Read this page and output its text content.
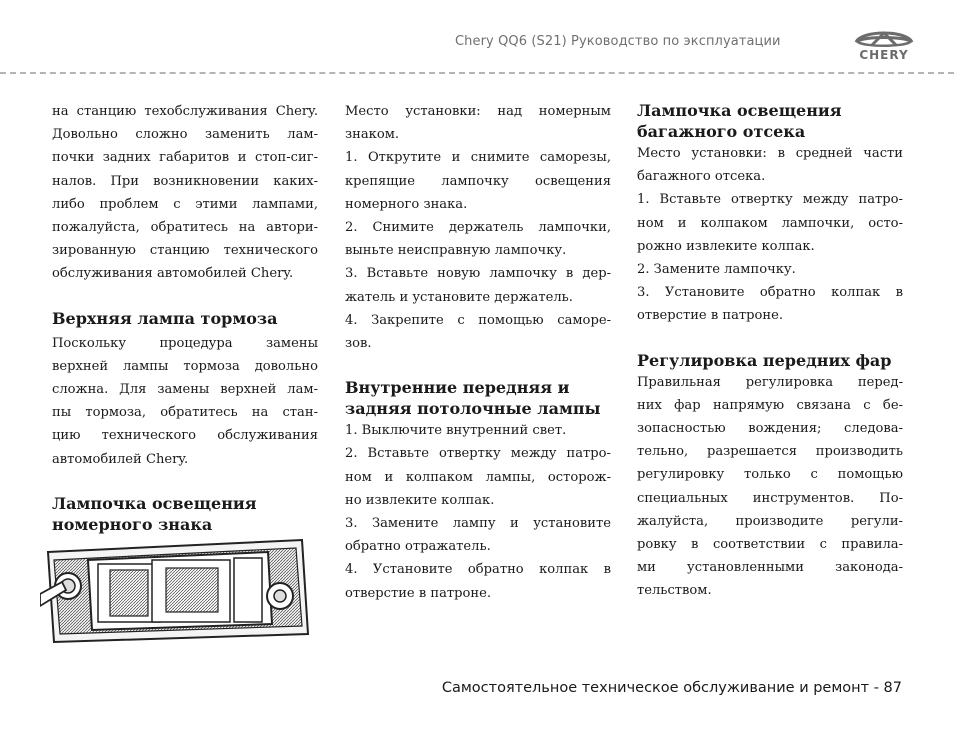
Chery QQ6 (S21) Руководство по эксплуатации
CHERY

на станцию техобслуживания Chery.

Довольно сложно заменить лам-

почки задних габаритов и стоп-сиг-

налов. При возникновении каких-

либо проблем с этими лампами,

пожалуйста, обратитесь на автори-

зированную станцию технического

обслуживания автомобилей Chery.

Верхняя лампа тормоза

Поскольку процедура замены

верхней лампы тормоза довольно

сложна. Для замены верхней лам-

пы тормоза, обратитесь на стан-

цию технического обслуживания

автомобилей Chery.

Лампочка освещения

номерного знака

Место установки: над номерным

знаком.

1. Открутите и снимите саморезы,

крепящие лампочку освещения

номерного знака.

2. Снимите держатель лампочки,

выньте неисправную лампочку.

3. Вставьте новую лампочку в дер-

жатель и установите держатель.

4. Закрепите с помощью саморе-

зов.

Внутренние передняя и

задняя потолочные лампы

1. Выключите внутренний свет.

2. Вставьте отвертку между патро-

ном и колпаком лампы, осторож-

но извлеките колпак.

3. Замените лампу и установите

обратно отражатель.

4. Установите обратно колпак в

отверстие в патроне.

Лампочка освещения

багажного отсека

Место установки: в средней части

багажного отсека.

1. Вставьте отвертку между патро-

ном и колпаком лампочки, осто-

рожно извлеките колпак.

2. Замените лампочку.

3. Установите обратно колпак в

отверстие в патроне.

Регулировка передних фар

Правильная регулировка перед-

них фар напрямую связана с бе-

зопасностью вождения; следова-

тельно, разрешается производить

регулировку только с помощью

специальных инструментов. По-

жалуйста, производите регули-

ровку в соответствии с правила-

ми установленными законода-

тельством.

Самостоятельное техническое обслуживание и ремонт - 87
